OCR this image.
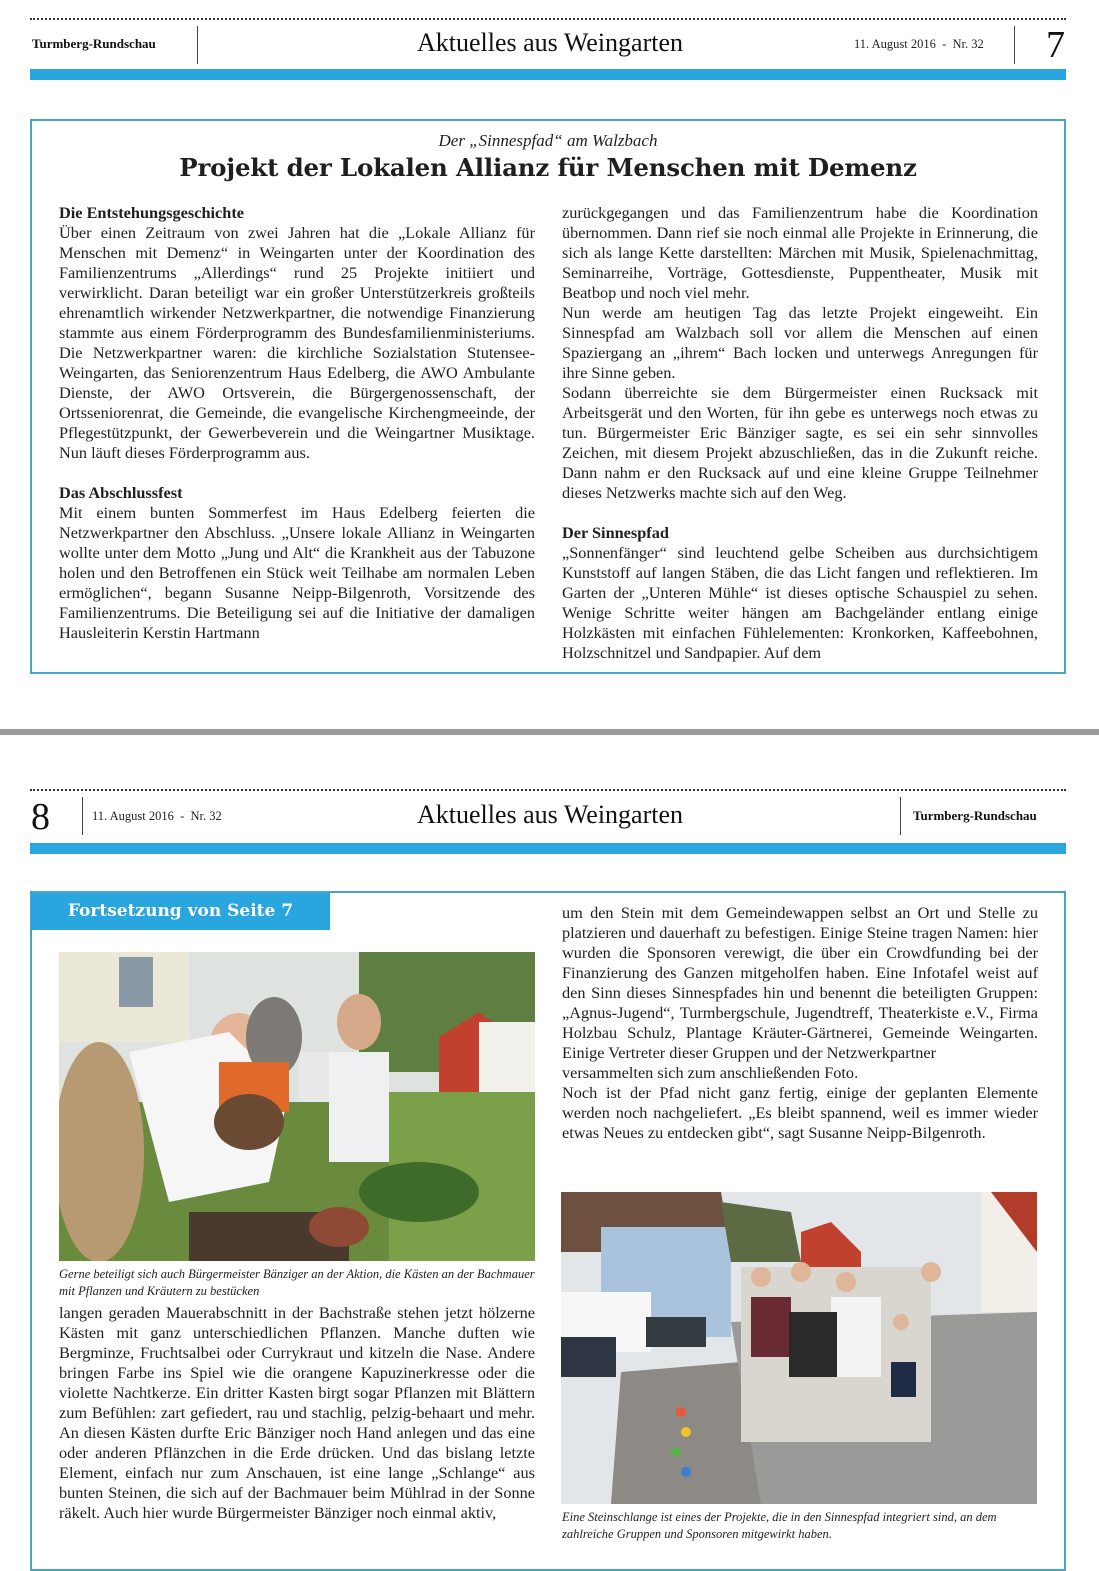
Turmberg-Rundschau	Aktuelles aus Weingarten	11. August 2016  -  Nr. 32 7
Der „Sinnespfad“ am Walzbach
Projekt der Lokalen Allianz für Menschen mit Demenz
Die Entstehungsgeschichte

Über einen Zeitraum von zwei Jahren hat die „Lokale Allianz für Menschen mit Demenz“ in Weingarten unter der Koordination des Familienzentrums „Allerdings“ rund 25 Projekte initiiert und verwirklicht. Daran beteiligt war ein großer Unterstützerkreis großteils ehrenamtlich wirkender Netzwerkpartner, die notwendige Finanzierung stammte aus einem Förderprogramm des Bundesfamilienministeriums. Die Netzwerkpartner waren: die kirchliche Sozialstation Stutensee-Weingarten, das Seniorenzentrum Haus Edelberg, die AWO Ambulante Dienste, der AWO Ortsverein, die Bürgergenossenschaft, der Ortsseniorenrat, die Gemeinde, die evangelische Kirchengmeeinde, der Pflegestützpunkt, der Gewerbeverein und die Weingartner Musiktage. Nun läuft dieses Förderprogramm aus.

Das Abschlussfest

Mit einem bunten Sommerfest im Haus Edelberg feierten die Netzwerkpartner den Abschluss. „Unsere lokale Allianz in Weingarten wollte unter dem Motto „Jung und Alt“ die Krankheit aus der Tabuzone holen und den Betroffenen ein Stück weit Teilhabe am normalen Leben ermöglichen“, begann Susanne Neipp-Bilgenroth, Vorsitzende des Familienzentrums. Die Beteiligung sei auf die Initiative der damaligen Hausleiterin Kerstin Hartmann

zurückgegangen und das Familienzentrum habe die Koordination übernommen. Dann rief sie noch einmal alle Projekte in Erinnerung, die sich als lange Kette darstellten: Märchen mit Musik, Spielenachmittag, Seminarreihe, Vorträge, Gottesdienste, Puppentheater, Musik mit Beatbop und noch viel mehr.

Nun werde am heutigen Tag das letzte Projekt eingeweiht. Ein Sinnespfad am Walzbach soll vor allem die Menschen auf einen Spaziergang an „ihrem“ Bach locken und unterwegs Anregungen für ihre Sinne geben.

Sodann überreichte sie dem Bürgermeister einen Rucksack mit Arbeitsgerät und den Worten, für ihn gebe es unterwegs noch etwas zu tun. Bürgermeister Eric Bänziger sagte, es sei ein sehr sinnvolles Zeichen, mit diesem Projekt abzuschließen, das in die Zukunft reiche. Dann nahm er den Rucksack auf und eine kleine Gruppe Teilnehmer dieses Netzwerks machte sich auf den Weg.

Der Sinnespfad

„Sonnenfänger“ sind leuchtend gelbe Scheiben aus durchsichtigem Kunststoff auf langen Stäben, die das Licht fangen und reflektieren. Im Garten der „Unteren Mühle“ ist dieses optische Schauspiel zu sehen. Wenige Schritte weiter hängen am Bachgeländer entlang einige Holzkästen mit einfachen Fühlelementen: Kronkorken, Kaffeebohnen, Holzschnitzel und Sandpapier. Auf dem

8	11. August 2016  -  Nr. 32	Aktuelles aus Weingarten	Turmberg-Rundschau
Fortsetzung von Seite 7
Gerne beteiligt sich auch Bürgermeister Bänziger an der Aktion, die Kästen an der Bachmauer mit Pflanzen und Kräutern zu bestücken

langen geraden Mauerabschnitt in der Bachstraße stehen jetzt hölzerne Kästen mit ganz unterschiedlichen Pflanzen. Manche duften wie Bergminze, Fruchtsalbei oder Currykraut und kitzeln die Nase. Andere bringen Farbe ins Spiel wie die orangene Kapuzinerkresse oder die violette Nachtkerze. Ein dritter Kasten birgt sogar Pflanzen mit Blättern zum Befühlen: zart gefiedert, rau und stachlig, pelzig-behaart und mehr. An diesen Kästen durfte Eric Bänziger noch Hand anlegen und das eine oder anderen Pflänzchen in die Erde drücken. Und das bislang letzte Element, einfach nur zum Anschauen, ist eine lange „Schlange“ aus bunten Steinen, die sich auf der Bachmauer beim Mühlrad in der Sonne räkelt. Auch hier wurde Bürgermeister Bänziger noch einmal aktiv,

um den Stein mit dem Gemeindewappen selbst an Ort und Stelle zu platzieren und dauerhaft zu befestigen. Einige Steine tragen Namen: hier wurden die Sponsoren verewigt, die über ein Crowdfunding bei der Finanzierung des Ganzen mitgeholfen haben. Eine Infotafel weist auf den Sinn dieses Sinnespfades hin und benennt die beteiligten Gruppen: „Agnus-Jugend“, Turmbergschule, Jugendtreff, Theaterkiste e.V., Firma Holzbau Schulz, Plantage Kräuter-Gärtnerei, Gemeinde Weingarten. Einige Vertreter dieser Gruppen und der Netzwerkpartner

versammelten sich zum anschließenden Foto.

Noch ist der Pfad nicht ganz fertig, einige der geplanten Elemente werden noch nachgeliefert. „Es bleibt spannend, weil es immer wieder etwas Neues zu entdecken gibt“, sagt Susanne Neipp-Bilgenroth.

Eine Steinschlange ist eines der Projekte, die in den Sinnespfad integriert sind, an dem zahlreiche Gruppen und Sponsoren mitgewirkt haben.
